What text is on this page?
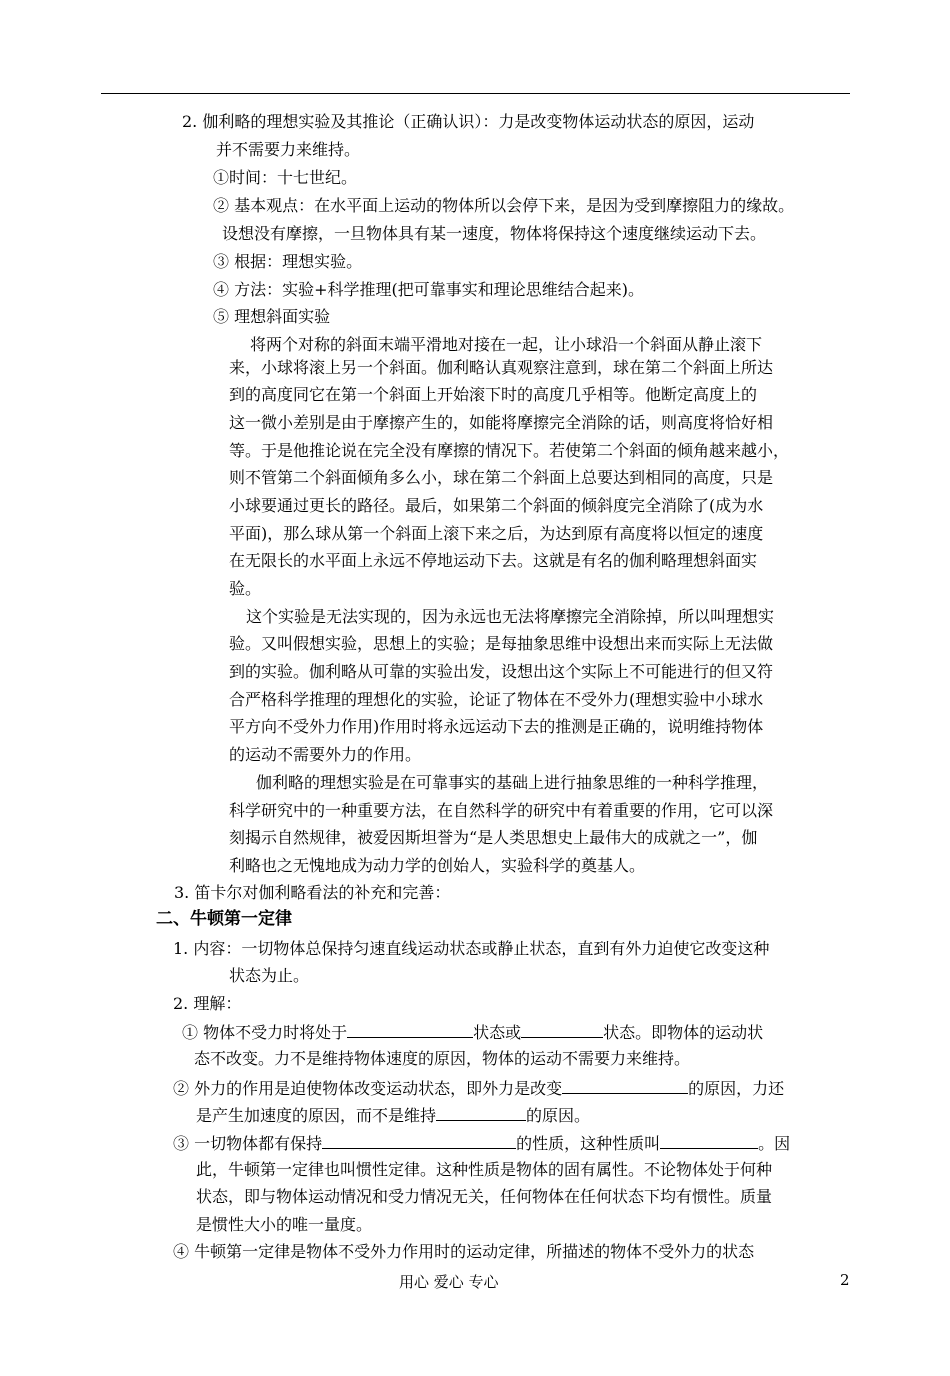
2. 伽利略的理想实验及其推论（正确认识）：力是改变物体运动状态的原因，运动
并不需要力来维持。
①时间：十七世纪。
② 基本观点：在水平面上运动的物体所以会停下来，是因为受到摩擦阻力的缘故。
设想没有摩擦，一旦物体具有某一速度，物体将保持这个速度继续运动下去。
③ 根据：理想实验。
④ 方法：实验+科学推理(把可靠事实和理论思维结合起来)。
⑤ 理想斜面实验
将两个对称的斜面末端平滑地对接在一起，让小球沿一个斜面从静止滚下
来，小球将滚上另一个斜面。伽利略认真观察注意到，球在第二个斜面上所达
到的高度同它在第一个斜面上开始滚下时的高度几乎相等。他断定高度上的
这一微小差别是由于摩擦产生的，如能将摩擦完全消除的话，则高度将恰好相
等。于是他推论说在完全没有摩擦的情况下。若使第二个斜面的倾角越来越小，
则不管第二个斜面倾角多么小，球在第二个斜面上总要达到相同的高度，只是
小球要通过更长的路径。最后，如果第二个斜面的倾斜度完全消除了(成为水
平面)，那么球从第一个斜面上滚下来之后，为达到原有高度将以恒定的速度
在无限长的水平面上永远不停地运动下去。这就是有名的伽利略理想斜面实
验。
这个实验是无法实现的，因为永远也无法将摩擦完全消除掉，所以叫理想实
验。又叫假想实验，思想上的实验；是每抽象思维中设想出来而实际上无法做
到的实验。伽利略从可靠的实验出发，设想出这个实际上不可能进行的但又符
合严格科学推理的理想化的实验，论证了物体在不受外力(理想实验中小球水
平方向不受外力作用)作用时将永远运动下去的推测是正确的，说明维持物体
的运动不需要外力的作用。
伽利略的理想实验是在可靠事实的基础上进行抽象思维的一种科学推理，
科学研究中的一种重要方法，在自然科学的研究中有着重要的作用，它可以深
刻揭示自然规律，被爱因斯坦誉为“是人类思想史上最伟大的成就之一”，伽
利略也之无愧地成为动力学的创始人，实验科学的奠基人。
3. 笛卡尔对伽利略看法的补充和完善：
二、牛顿第一定律
1. 内容：一切物体总保持匀速直线运动状态或静止状态，直到有外力迫使它改变这种
状态为止。
2. 理解：
① 物体不受力时将处于	状态或	状态。即物体的运动状
态不改变。力不是维持物体速度的原因，物体的运动不需要力来维持。
② 外力的作用是迫使物体改变运动状态，即外力是改变	的原因，力还
是产生加速度的原因，而不是维持	的原因。
③ 一切物体都有保持	的性质，这种性质叫	。因
此，牛顿第一定律也叫惯性定律。这种性质是物体的固有属性。不论物体处于何种
状态，即与物体运动情况和受力情况无关，任何物体在任何状态下均有惯性。质量
是惯性大小的唯一量度。
④ 牛顿第一定律是物体不受外力作用时的运动定律，所描述的物体不受外力的状态
用心 爱心 专心	2
